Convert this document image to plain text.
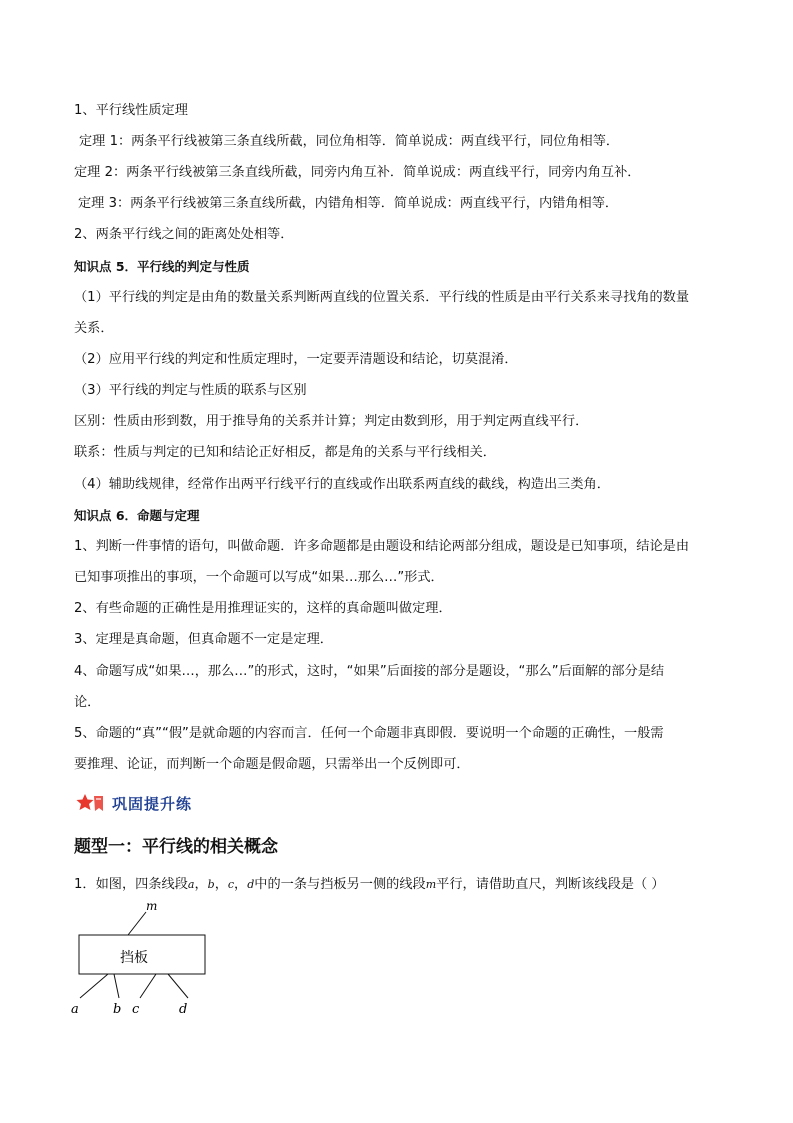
1、平行线性质定理
定理 1：两条平行线被第三条直线所截，同位角相等．简单说成：两直线平行，同位角相等．
定理 2：两条平行线被第三条直线所截，同旁内角互补．简单说成：两直线平行，同旁内角互补．
定理 3：两条平行线被第三条直线所截，内错角相等．简单说成：两直线平行，内错角相等．
2、两条平行线之间的距离处处相等．
知识点 5．平行线的判定与性质
（1）平行线的判定是由角的数量关系判断两直线的位置关系．平行线的性质是由平行关系来寻找角的数量
关系．
（2）应用平行线的判定和性质定理时，一定要弄清题设和结论，切莫混淆．
（3）平行线的判定与性质的联系与区别
区别：性质由形到数，用于推导角的关系并计算；判定由数到形，用于判定两直线平行．
联系：性质与判定的已知和结论正好相反，都是角的关系与平行线相关．
（4）辅助线规律，经常作出两平行线平行的直线或作出联系两直线的截线，构造出三类角．
知识点 6．命题与定理
1、判断一件事情的语句，叫做命题．许多命题都是由题设和结论两部分组成，题设是已知事项，结论是由
已知事项推出的事项，一个命题可以写成“如果…那么…”形式．
2、有些命题的正确性是用推理证实的，这样的真命题叫做定理．
3、定理是真命题，但真命题不一定是定理．
4、命题写成“如果…，那么…”的形式，这时，“如果”后面接的部分是题设，“那么”后面解的部分是结
论．
5、命题的“真”“假”是就命题的内容而言．任何一个命题非真即假．要说明一个命题的正确性，一般需
要推理、论证，而判断一个命题是假命题，只需举出一个反例即可．
巩固提升练
题型一：平行线的相关概念
1．如图，四条线段a，b，c，d中的一条与挡板另一侧的线段m平行，请借助直尺，判断该线段是（ ）
m
挡板
a	b c	d
